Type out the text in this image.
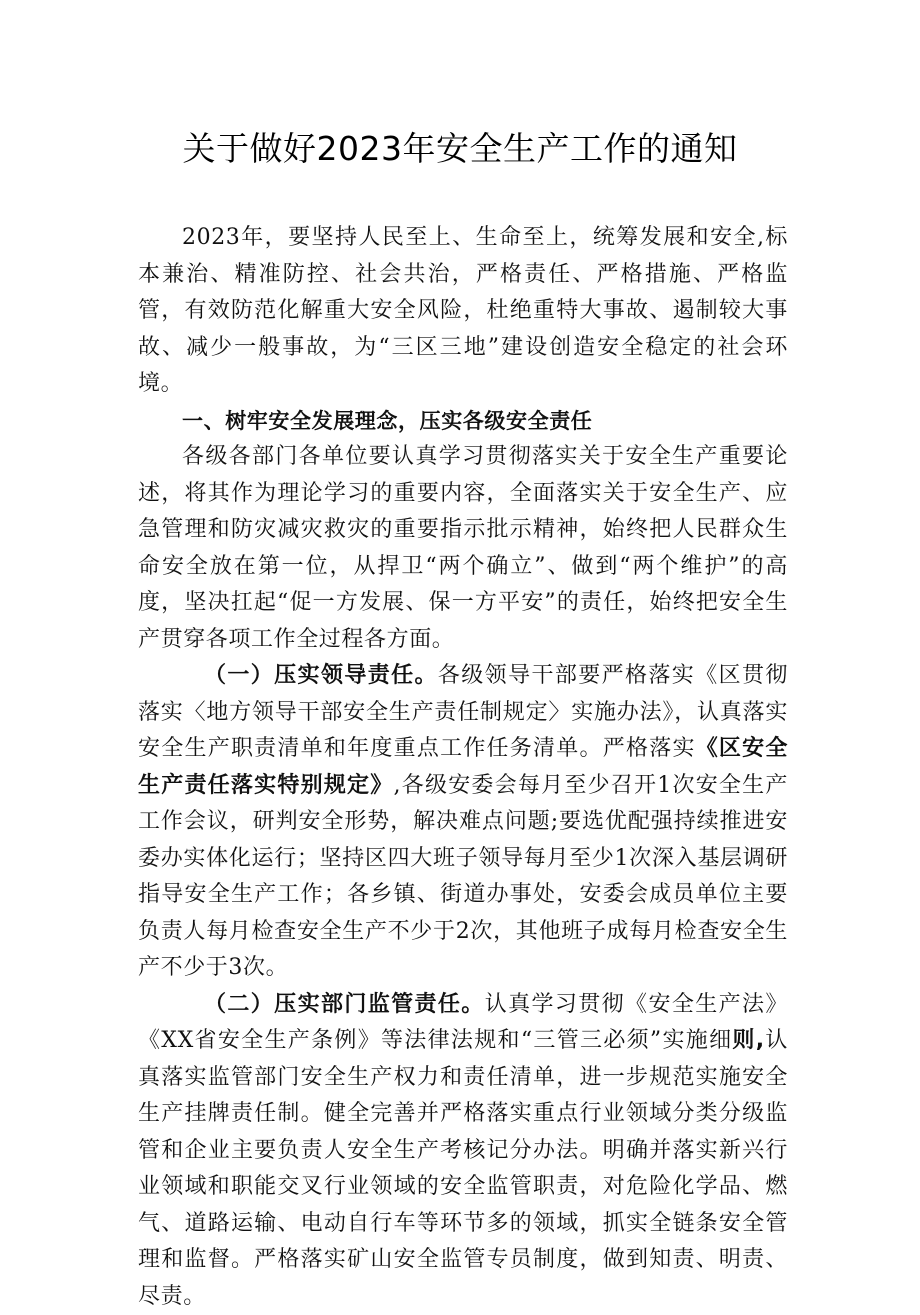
关于做好2023年安全生产工作的通知

2023年，要坚持人民至上、生命至上，统筹发展和安全,标本兼治、精准防控、社会共治，严格责任、严格措施、严格监管，有效防范化解重大安全风险，杜绝重特大事故、遏制较大事故、减少一般事故，为“三区三地”建设创造安全稳定的社会环境。

一、树牢安全发展理念，压实各级安全责任

各级各部门各单位要认真学习贯彻落实关于安全生产重要论述，将其作为理论学习的重要内容，全面落实关于安全生产、应急管理和防灾减灾救灾的重要指示批示精神，始终把人民群众生命安全放在第一位，从捍卫“两个确立”、做到“两个维护”的高度，坚决扛起“促一方发展、保一方平安”的责任，始终把安全生产贯穿各项工作全过程各方面。

（一）压实领导责任。各级领导干部要严格落实《区贯彻落实〈地方领导干部安全生产责任制规定〉实施办法》，认真落实安全生产职责清单和年度重点工作任务清单。严格落实《区安全生产责任落实特别规定》,各级安委会每月至少召开1次安全生产工作会议，研判安全形势，解决难点问题;要选优配强持续推进安委办实体化运行；坚持区四大班子领导每月至少1次深入基层调研指导安全生产工作；各乡镇、街道办事处，安委会成员单位主要负责人每月检查安全生产不少于2次，其他班子成每月检查安全生产不少于3次。

（二）压实部门监管责任。认真学习贯彻《安全生产法》《XX省安全生产条例》等法律法规和“三管三必须”实施细则,认真落实监管部门安全生产权力和责任清单，进一步规范实施安全生产挂牌责任制。健全完善并严格落实重点行业领域分类分级监管和企业主要负责人安全生产考核记分办法。明确并落实新兴行业领域和职能交叉行业领域的安全监管职责，对危险化学品、燃气、道路运输、电动自行车等环节多的领域，抓实全链条安全管理和监督。严格落实矿山安全监管专员制度，做到知责、明责、尽责。
